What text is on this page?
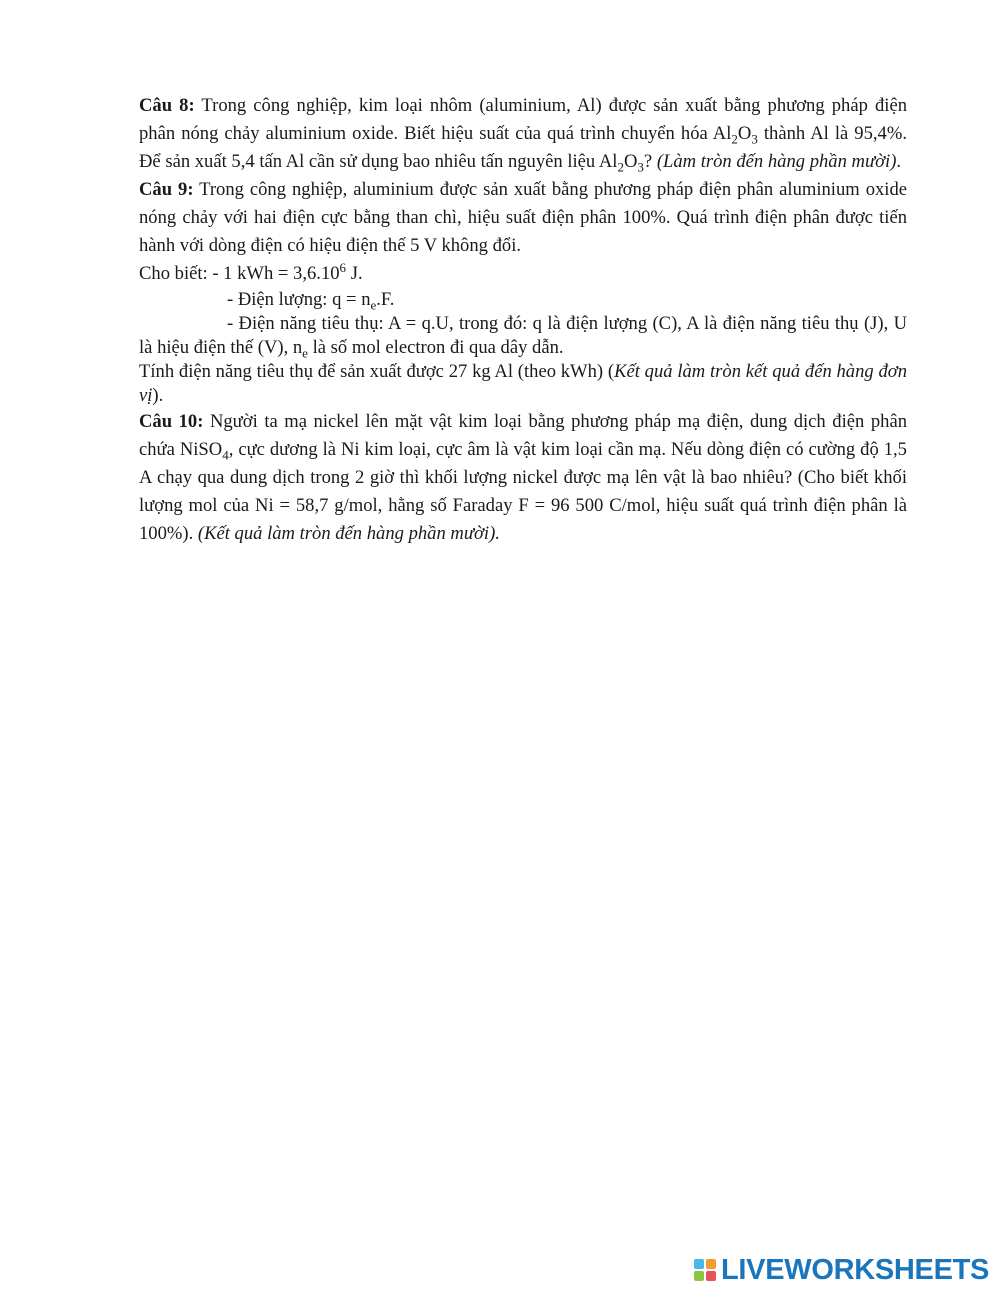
Câu 8: Trong công nghiệp, kim loại nhôm (aluminium, Al) được sản xuất bằng phương pháp điện phân nóng chảy aluminium oxide. Biết hiệu suất của quá trình chuyển hóa $Al_2O_3$ thành Al là 95,4%. Để sản xuất 5,4 tấn Al cần sử dụng bao nhiêu tấn nguyên liệu $Al_2O_3$? (Làm tròn đến hàng phần mười).

Câu 9: Trong công nghiệp, aluminium được sản xuất bằng phương pháp điện phân aluminium oxide nóng chảy với hai điện cực bằng than chì, hiệu suất điện phân 100%. Quá trình điện phân được tiến hành với dòng điện có hiệu điện thế 5 V không đổi.

Cho biết: - 1 kWh = $3,6.10^6$ J.

- Điện lượng: $q = n_e.F$.

- Điện năng tiêu thụ: A = q.U, trong đó: q là điện lượng (C), A là điện năng tiêu thụ (J), U là hiệu điện thế (V), $n_e$ là số mol electron đi qua dây dẫn.

Tính điện năng tiêu thụ để sản xuất được 27 kg Al (theo kWh) (Kết quả làm tròn kết quả đến hàng đơn vị).

Câu 10: Người ta mạ nickel lên mặt vật kim loại bằng phương pháp mạ điện, dung dịch điện phân chứa NiSO$_4$, cực dương là Ni kim loại, cực âm là vật kim loại cần mạ. Nếu dòng điện có cường độ 1,5 A chạy qua dung dịch trong 2 giờ thì khối lượng nickel được mạ lên vật là bao nhiêu? (Cho biết khối lượng mol của Ni = 58,7 g/mol, hằng số Faraday F = 96 500 C/mol, hiệu suất quá trình điện phân là 100%). (Kết quả làm tròn đến hàng phần mười).

LIVEWORKSHEETS
